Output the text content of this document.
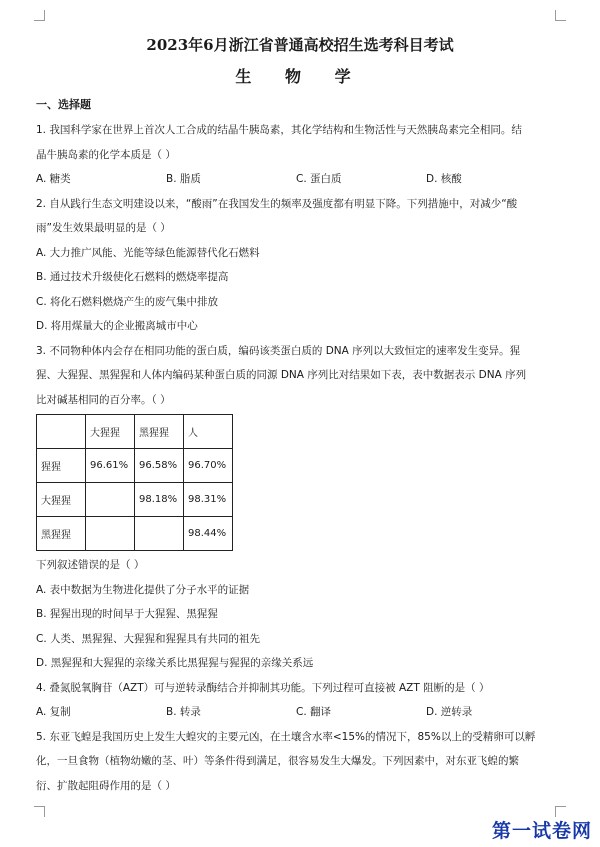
2023年6月浙江省普通高校招生选考科目考试
生 物 学
一、选择题

1. 我国科学家在世界上首次人工合成的结晶牛胰岛素，其化学结构和生物活性与天然胰岛素完全相同。结

晶牛胰岛素的化学本质是（ ）

A. 糖类	B. 脂质	C. 蛋白质	D. 核酸

2. 自从践行生态文明建设以来，“酸雨”在我国发生的频率及强度都有明显下降。下列措施中，对减少“酸

雨”发生效果最明显的是（ ）

A. 大力推广风能、光能等绿色能源替代化石燃料
B. 通过技术升级使化石燃料的燃烧率提高
C. 将化石燃料燃烧产生的废气集中排放
D. 将用煤量大的企业搬离城市中心

3. 不同物种体内会存在相同功能的蛋白质，编码该类蛋白质的 DNA 序列以大致恒定的速率发生变异。猩

猩、大猩猩、黑猩猩和人体内编码某种蛋白质的同源 DNA 序列比对结果如下表，表中数据表示 DNA 序列

比对碱基相同的百分率。（ ）

	大猩猩	黑猩猩	人
猩猩	96.61%	96.58%	96.70%
大猩猩		98.18%	98.31%
黑猩猩			98.44%

下列叙述错误的是（ ）

A. 表中数据为生物进化提供了分子水平的证据
B. 猩猩出现的时间早于大猩猩、黑猩猩
C. 人类、黑猩猩、大猩猩和猩猩具有共同的祖先
D. 黑猩猩和大猩猩的亲缘关系比黑猩猩与猩猩的亲缘关系远

4. 叠氮脱氧胸苷（AZT）可与逆转录酶结合并抑制其功能。下列过程可直接被 AZT 阻断的是（ ）

A. 复制	B. 转录	C. 翻译	D. 逆转录

5. 东亚飞蝗是我国历史上发生大蝗灾的主要元凶，在土壤含水率<15%的情况下，85%以上的受精卵可以孵

化，一旦食物（植物幼嫩的茎、叶）等条件得到满足，很容易发生大爆发。下列因素中，对东亚飞蝗的繁

衍、扩散起阻碍作用的是（ ）

第一试卷网
